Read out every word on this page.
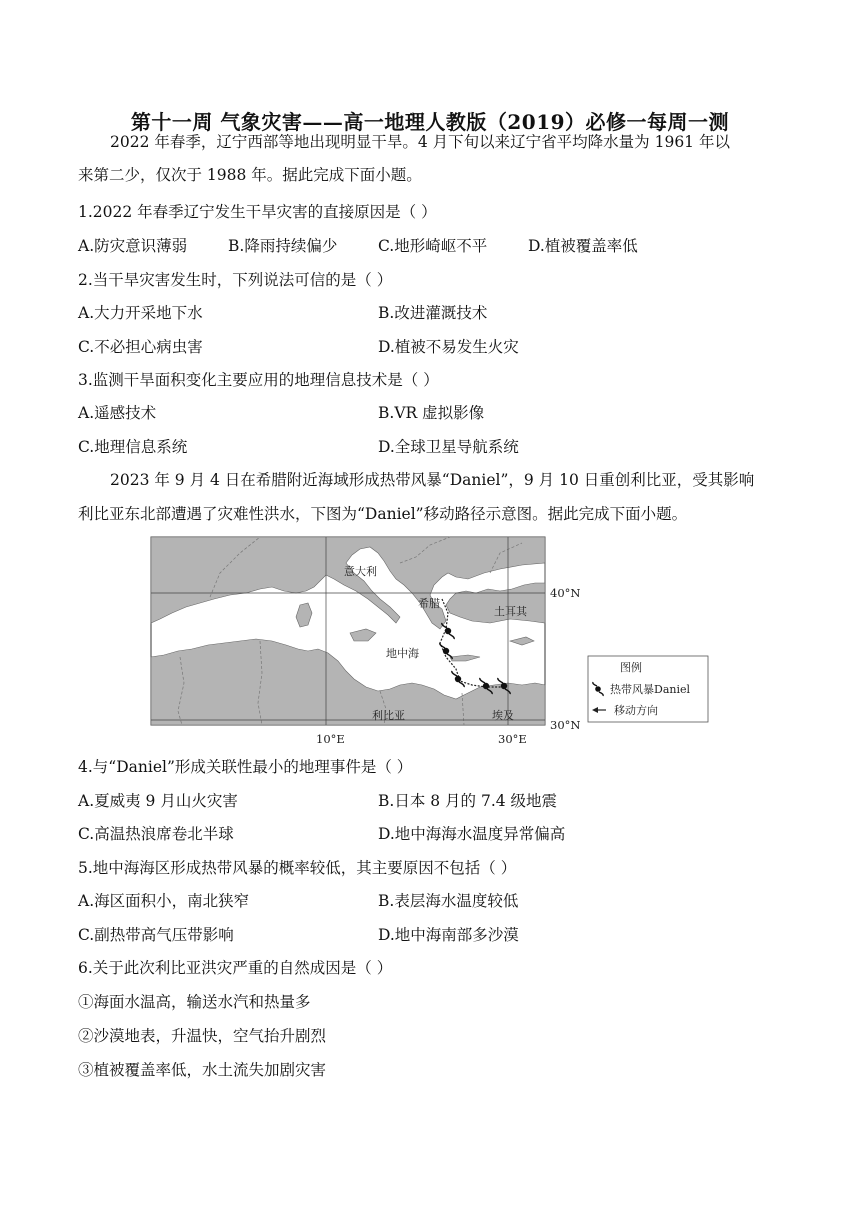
第十一周 气象灾害——高一地理人教版（2019）必修一每周一测
2022 年春季，辽宁西部等地出现明显干旱。4 月下旬以来辽宁省平均降水量为 1961 年以
来第二少，仅次于 1988 年。据此完成下面小题。
1.2022 年春季辽宁发生干旱灾害的直接原因是（ ）
A.防灾意识薄弱	B.降雨持续偏少	C.地形崎岖不平	D.植被覆盖率低
2.当干旱灾害发生时，下列说法可信的是（ ）
A.大力开采地下水	B.改进灌溉技术
C.不必担心病虫害	D.植被不易发生火灾
3.监测干旱面积变化主要应用的地理信息技术是（ ）
A.遥感技术	B.VR 虚拟影像
C.地理信息系统	D.全球卫星导航系统
2023 年 9 月 4 日在希腊附近海域形成热带风暴“Daniel”，9 月 10 日重创利比亚，受其影响
利比亚东北部遭遇了灾难性洪水，下图为“Daniel”移动路径示意图。据此完成下面小题。
意大利
希腊
土耳其
地中海
利比亚	埃及
40°N
30°N
10°E	30°E
图例
热带风暴Daniel
移动方向
4.与“Daniel”形成关联性最小的地理事件是（ ）
A.夏威夷 9 月山火灾害	B.日本 8 月的 7.4 级地震
C.高温热浪席卷北半球	D.地中海海水温度异常偏高
5.地中海海区形成热带风暴的概率较低，其主要原因不包括（ ）
A.海区面积小，南北狭窄	B.表层海水温度较低
C.副热带高气压带影响	D.地中海南部多沙漠
6.关于此次利比亚洪灾严重的自然成因是（ ）
①海面水温高，输送水汽和热量多
②沙漠地表，升温快，空气抬升剧烈
③植被覆盖率低，水土流失加剧灾害
